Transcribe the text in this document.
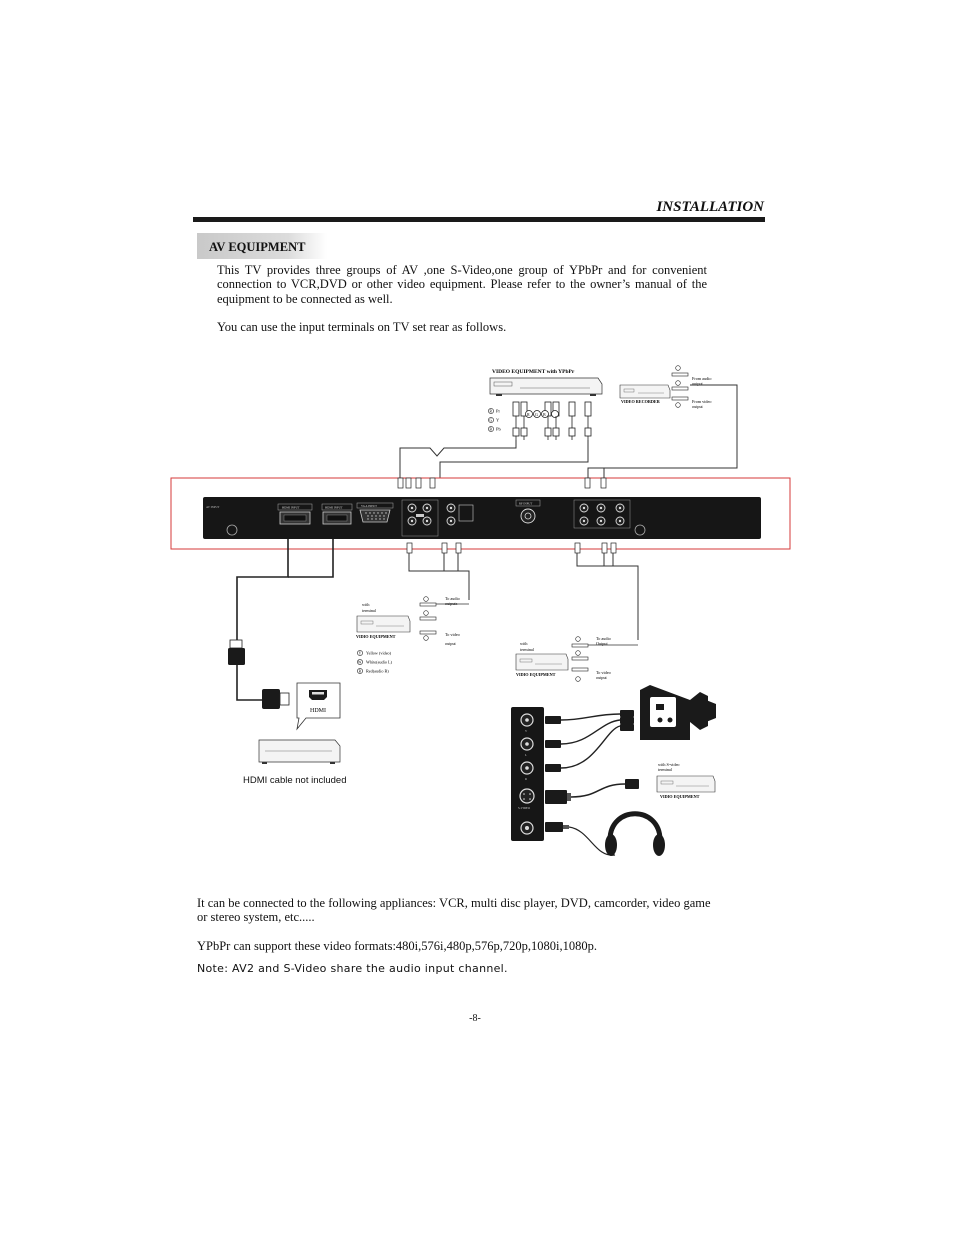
INSTALLATION
AV EQUIPMENT

This TV provides three groups of AV ,one S-Video,one group of YPbPr and for convenient connection to VCR,DVD or other video equipment. Please refer to the owner’s manual of the equipment to be connected as well.

You can use the input terminals on TV set rear as follows.

VIDEO EQUIPMENT with YPbPr
R G B
R Pr
G Y
B Pb
VIDEO RECORDER
From audio output
From video output
AV INPUT	HDMI INPUT	HDMI INPUT	VGA INPUT
RF INPUT
HDMI
with terminal
VIDIO EQUIPMENT
To audio outputs
To video output
Y Yellow (video)
W White(audio L)
R Red(audio R)
with terminal
VIDIO EQUIPMENT
To audio Output
To video output
V
L
R
S-VIDEO
with S-video terminal
VIDIO EQUIPMENT
HDMI cable not included
It can be connected to the following appliances: VCR, multi disc player, DVD, camcorder, video game or stereo system, etc.....
YPbPr can support these video formats:480i,576i,480p,576p,720p,1080i,1080p.
Note: AV2 and S-Video share the audio input channel.
-8-
